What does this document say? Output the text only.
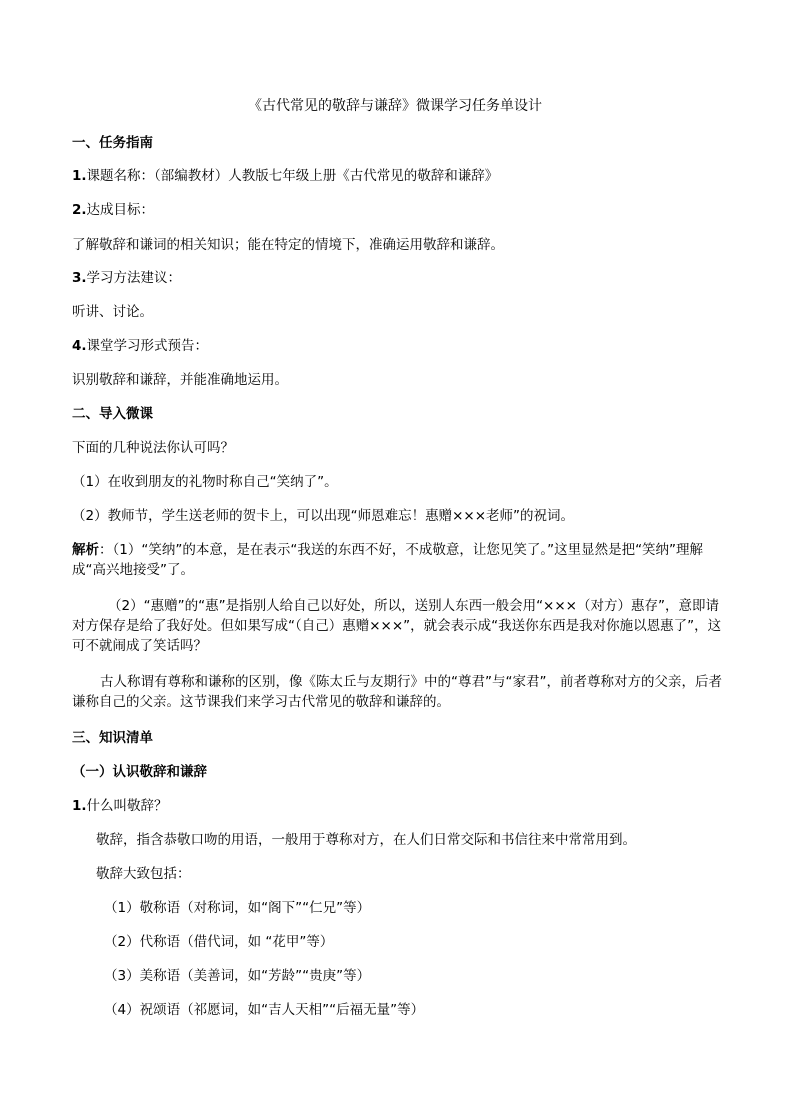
《古代常见的敬辞与谦辞》微课学习任务单设计
一、任务指南
1.课题名称：（部编教材）人教版七年级上册《古代常见的敬辞和谦辞》
2.达成目标：
了解敬辞和谦词的相关知识；能在特定的情境下，准确运用敬辞和谦辞。
3.学习方法建议：
听讲、讨论。
4.课堂学习形式预告：
识别敬辞和谦辞，并能准确地运用。
二、导入微课
下面的几种说法你认可吗？
（1）在收到朋友的礼物时称自己“笑纳了”。
（2）教师节，学生送老师的贺卡上，可以出现“师恩难忘！惠赠×××老师”的祝词。
解析：（1）“笑纳”的本意，是在表示“我送的东西不好，不成敬意，让您见笑了。”这里显然是把“笑纳”理解成“高兴地接受”了。
（2）“惠赠”的“惠”是指别人给自己以好处，所以，送别人东西一般会用“×××（对方）惠存”，意即请对方保存是给了我好处。但如果写成“（自己）惠赠×××”，就会表示成“我送你东西是我对你施以恩惠了”，这可不就闹成了笑话吗？
古人称谓有尊称和谦称的区别，像《陈太丘与友期行》中的“尊君”与“家君”，前者尊称对方的父亲，后者谦称自己的父亲。这节课我们来学习古代常见的敬辞和谦辞的。
三、知识清单
（一）认识敬辞和谦辞
1.什么叫敬辞？
敬辞，指含恭敬口吻的用语，一般用于尊称对方，在人们日常交际和书信往来中常常用到。
敬辞大致包括：
（1）敬称语（对称词，如“阁下”“仁兄”等）
（2）代称语（借代词，如 “花甲”等）
（3）美称语（美善词，如“芳龄”“贵庚”等）
（4）祝颂语（祁愿词，如“吉人天相”“后福无量”等）
